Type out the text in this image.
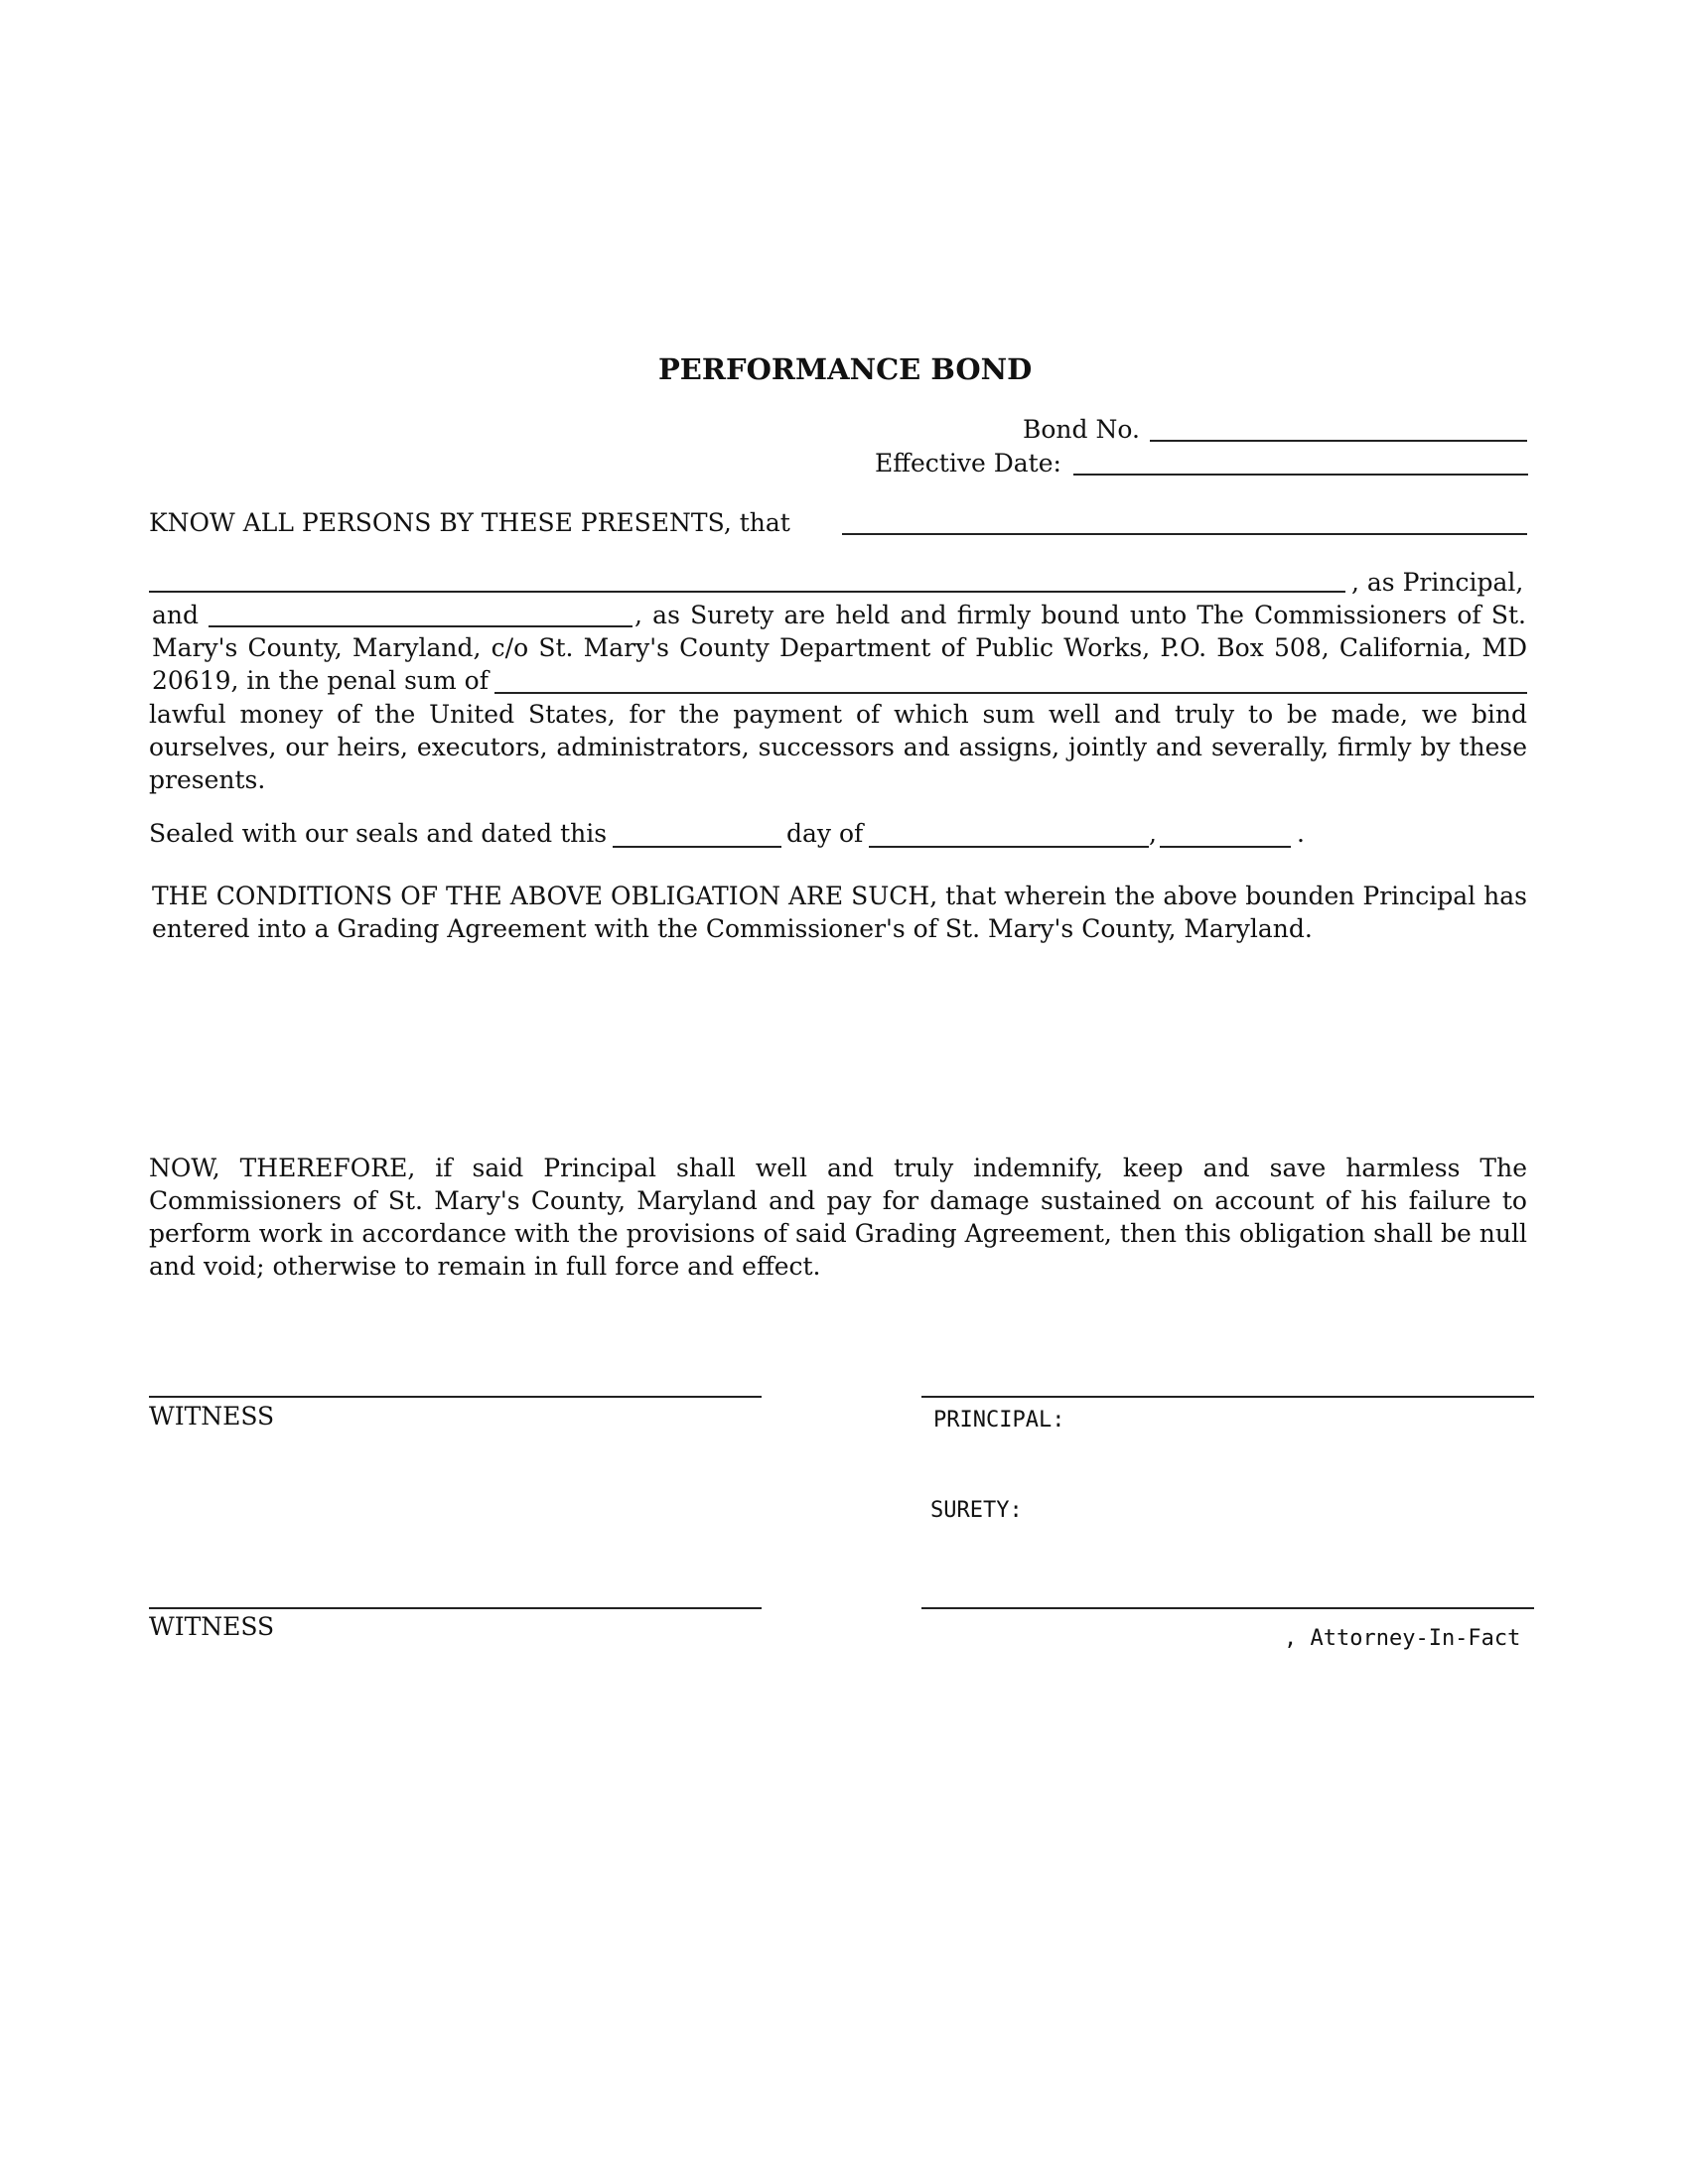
PERFORMANCE BOND
Bond No.
Effective Date:
KNOW ALL PERSONS BY THESE PRESENTS, that
, as Principal,
and	, as Surety are held and firmly bound unto The Commissioners of St.
Mary's County, Maryland, c/o St. Mary's County Department of Public Works, P.O. Box 508, California, MD
20619, in the penal sum of
lawful money of the United States, for the payment of which sum well and truly to be made, we bind ourselves, our heirs, executors, administrators, successors and assigns, jointly and severally, firmly by these presents.
Sealed with our seals and dated this	day of	,	.
THE CONDITIONS OF THE ABOVE OBLIGATION ARE SUCH, that wherein the above bounden Principal has entered into a Grading Agreement with the Commissioner's of St. Mary's County, Maryland.
NOW, THEREFORE, if said Principal shall well and truly indemnify, keep and save harmless The Commissioners of St. Mary's County, Maryland and pay for damage sustained on account of his failure to perform work in accordance with the provisions of said Grading Agreement, then this obligation shall be null and void; otherwise to remain in full force and effect.
WITNESS	PRINCIPAL:
SURETY:
WITNESS	, Attorney-In-Fact
